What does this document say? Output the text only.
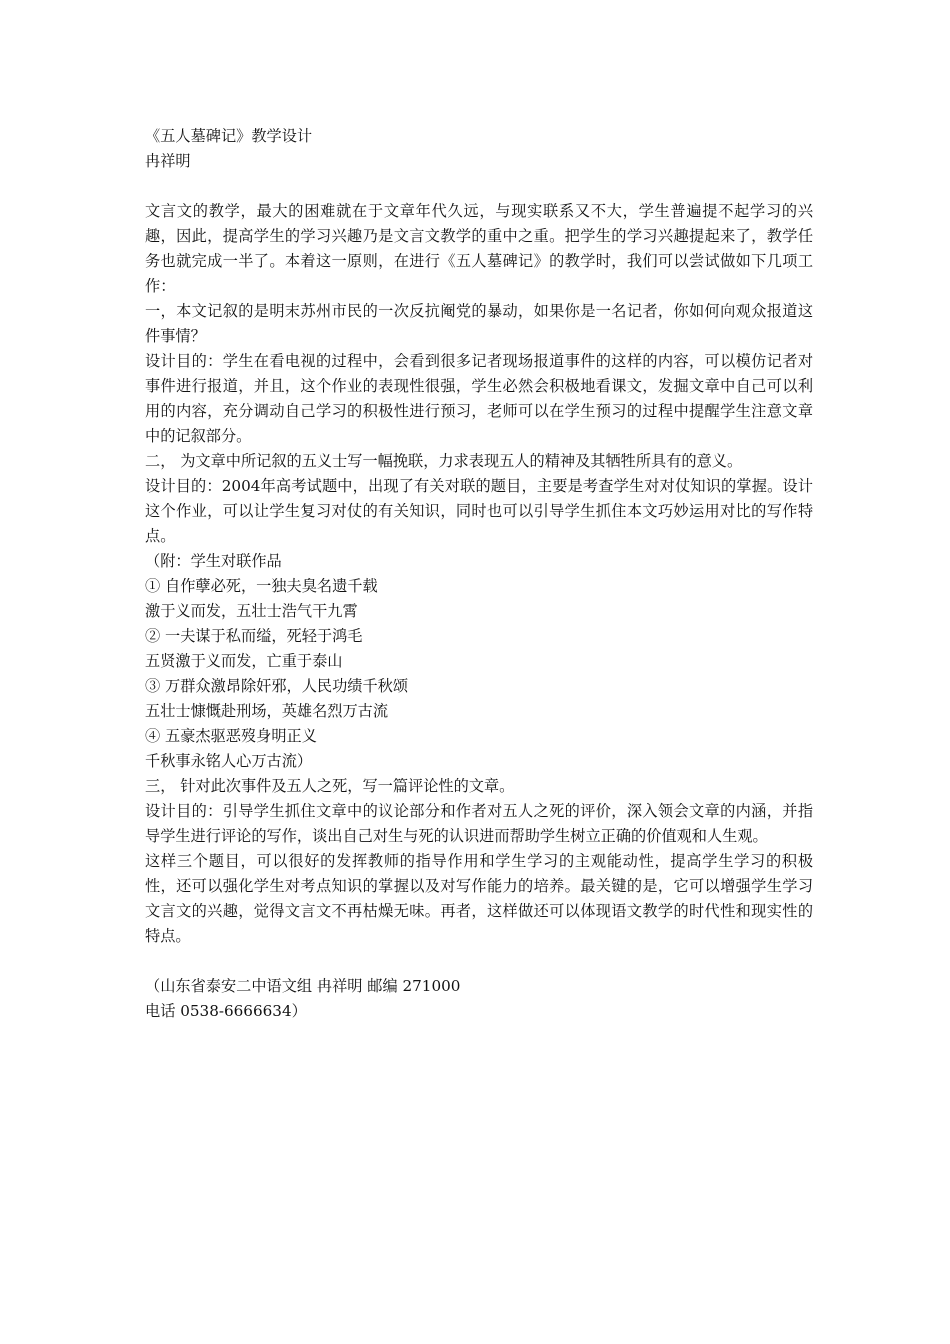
《五人墓碑记》教学设计
冉祥明
文言文的教学，最大的困难就在于文章年代久远，与现实联系又不大，学生普遍提不起学习的兴趣，因此，提高学生的学习兴趣乃是文言文教学的重中之重。把学生的学习兴趣提起来了，教学任务也就完成一半了。本着这一原则，在进行《五人墓碑记》的教学时，我们可以尝试做如下几项工作：
一，本文记叙的是明末苏州市民的一次反抗阉党的暴动，如果你是一名记者，你如何向观众报道这件事情？
设计目的：学生在看电视的过程中，会看到很多记者现场报道事件的这样的内容，可以模仿记者对事件进行报道，并且，这个作业的表现性很强，学生必然会积极地看课文，发掘文章中自己可以利用的内容，充分调动自己学习的积极性进行预习，老师可以在学生预习的过程中提醒学生注意文章中的记叙部分。
二， 为文章中所记叙的五义士写一幅挽联，力求表现五人的精神及其牺牲所具有的意义。
设计目的：2004年高考试题中，出现了有关对联的题目，主要是考查学生对对仗知识的掌握。设计这个作业，可以让学生复习对仗的有关知识，同时也可以引导学生抓住本文巧妙运用对比的写作特点。
（附：学生对联作品
① 自作孽必死，一独夫臭名遗千载
激于义而发，五壮士浩气干九霄
② 一夫谋于私而缢，死轻于鸿毛
五贤激于义而发，亡重于泰山
③ 万群众激昂除奸邪，人民功绩千秋颂
五壮士慷慨赴刑场，英雄名烈万古流
④ 五豪杰驱恶歿身明正义
千秋事永铭人心万古流）
三， 针对此次事件及五人之死，写一篇评论性的文章。
设计目的：引导学生抓住文章中的议论部分和作者对五人之死的评价，深入领会文章的内涵，并指导学生进行评论的写作，谈出自己对生与死的认识进而帮助学生树立正确的价值观和人生观。
这样三个题目，可以很好的发挥教师的指导作用和学生学习的主观能动性，提高学生学习的积极性，还可以强化学生对考点知识的掌握以及对写作能力的培养。最关键的是，它可以增强学生学习文言文的兴趣，觉得文言文不再枯燥无味。再者，这样做还可以体现语文教学的时代性和现实性的特点。
（山东省泰安二中语文组 冉祥明 邮编 271000
电话 0538-6666634）
